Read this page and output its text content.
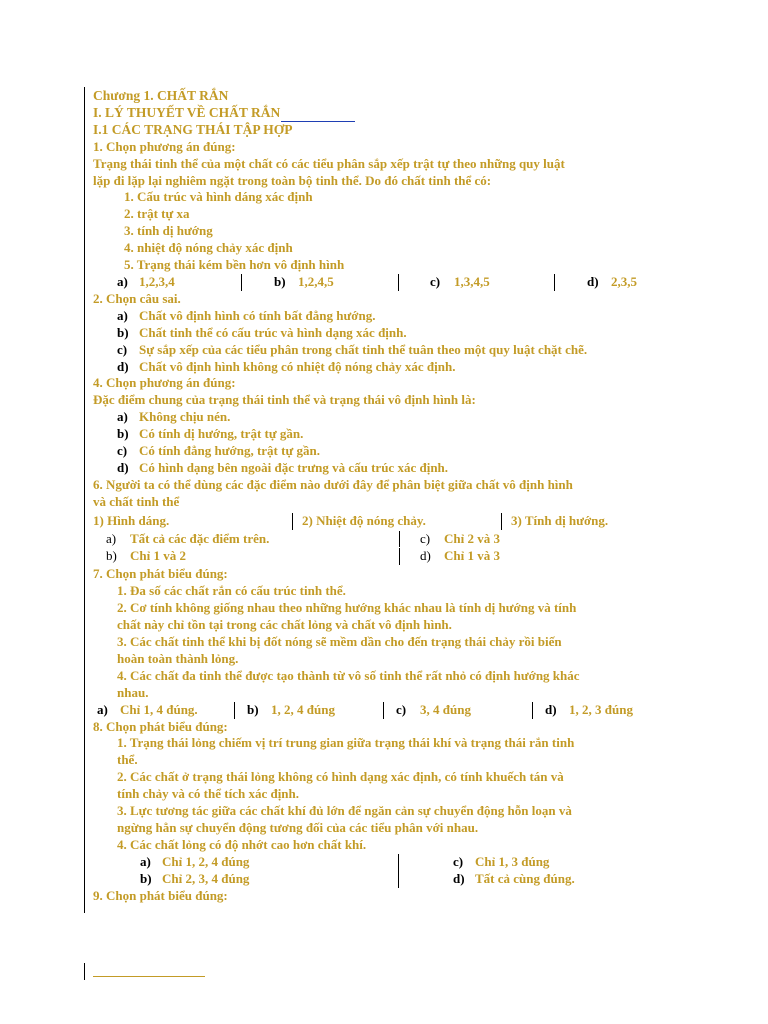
Chương 1. CHẤT RẮN
I. LÝ THUYẾT VỀ CHẤT RẮN
I.1 CÁC TRẠNG THÁI TẬP HỢP
1. Chọn phương án đúng:
Trạng thái tinh thể của một chất có các tiểu phân sắp xếp trật tự theo những quy luật
lặp đi lặp lại nghiêm ngặt trong toàn bộ tinh thể. Do đó chất tinh thể có:
1. Cấu trúc và hình dáng xác định
2. trật tự xa
3. tính dị hướng
4. nhiệt độ nóng chảy xác định
5. Trạng thái kém bền hơn vô định hình
a) 1,2,3,4	b) 1,2,4,5	c)	1,3,4,5	d) 2,3,5
2. Chọn câu sai.
a) Chất vô định hình có tính bất đẳng hướng.
b) Chất tinh thể có cấu trúc và hình dạng xác định.
c) Sự sắp xếp của các tiểu phân trong chất tinh thể tuân theo một quy luật chặt chẽ.
d) Chất vô định hình không có nhiệt độ nóng chảy xác định.
4. Chọn phương án đúng:
Đặc điểm chung của trạng thái tinh thể và trạng thái vô định hình là:
a) Không chịu nén.
b) Có tính dị hướng, trật tự gần.
c) Có tính đẳng hướng, trật tự gần.
d) Có hình dạng bên ngoài đặc trưng và cấu trúc xác định.
6. Người ta có thể dùng các đặc điểm nào dưới đây để phân biệt giữa chất vô định hình
và chất tinh thể
1) Hình dáng.	2) Nhiệt độ nóng chảy.	3) Tính dị hướng.
a)	Tất cả các đặc điểm trên.	c)	Chỉ 2 và 3
b)	Chỉ 1 và 2	d)	Chỉ 1 và 3
7. Chọn phát biểu đúng:
1. Đa số các chất rắn có cấu trúc tinh thể.
2. Cơ tính không giống nhau theo những hướng khác nhau là tính dị hướng và tính
chất này chỉ tồn tại trong các chất lỏng và chất vô định hình.
3. Các chất tinh thể khi bị đốt nóng sẽ mềm dần cho đến trạng thái chảy rồi biến
hoàn toàn thành lỏng.
4. Các chất đa tinh thể được tạo thành từ vô số tinh thể rất nhỏ có định hướng khác
nhau.
a) Chỉ 1, 4 đúng.	b) 1, 2, 4 đúng	c)	3, 4 đúng	d) 1, 2, 3 đúng
8. Chọn phát biểu đúng:
1. Trạng thái lỏng chiếm vị trí trung gian giữa trạng thái khí và trạng thái rắn tinh
thể.
2. Các chất ở trạng thái lỏng không có hình dạng xác định, có tính khuếch tán và
tính chảy và có thể tích xác định.
3. Lực tương tác giữa các chất khí đủ lớn để ngăn cản sự chuyển động hỗn loạn và
ngừng hẳn sự chuyển động tương đối của các tiểu phân với nhau.
4. Các chất lỏng có độ nhớt cao hơn chất khí.
a) Chỉ 1, 2, 4 đúng	c) Chỉ 1, 3 đúng
b) Chỉ 2, 3, 4 đúng	d) Tất cả cùng đúng.
9. Chọn phát biểu đúng:
